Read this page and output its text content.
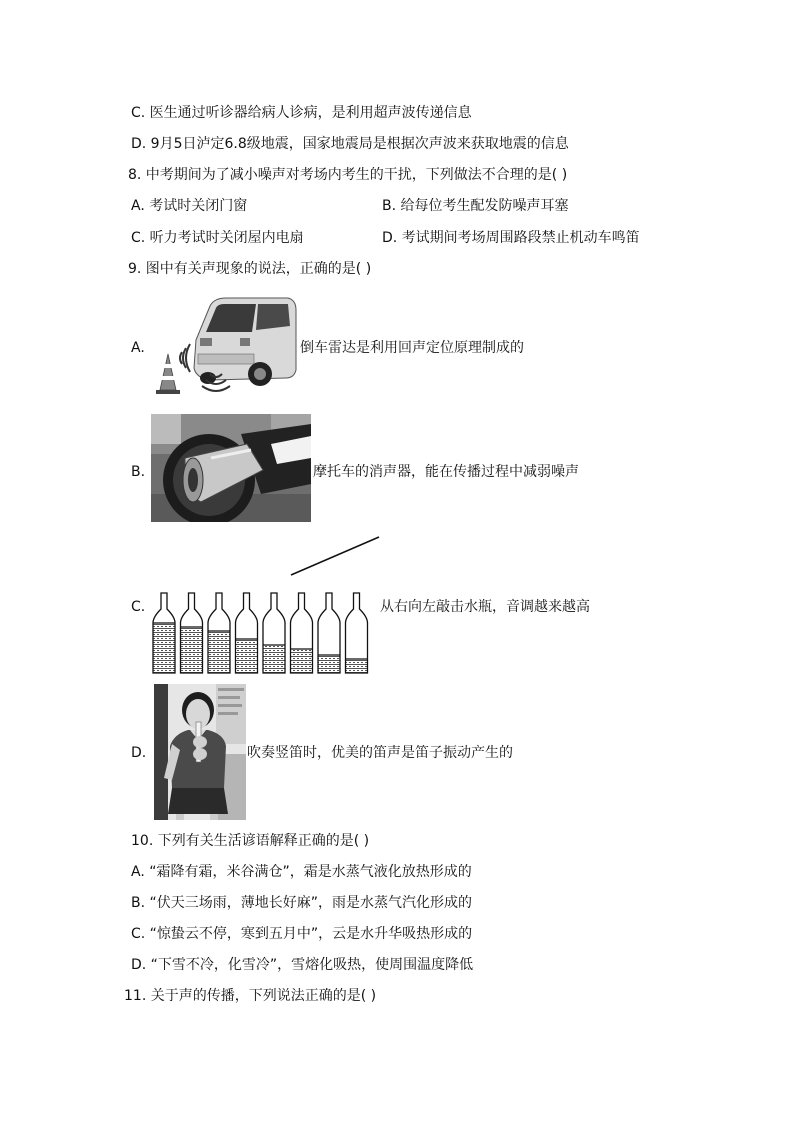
C. 医生通过听诊器给病人诊病，是利用超声波传递信息
D. 9月5日泸定6.8级地震，国家地震局是根据次声波来获取地震的信息
8. 中考期间为了减小噪声对考场内考生的干扰，下列做法不合理的是( )
A. 考试时关闭门窗	B. 给每位考生配发防噪声耳塞
C. 听力考试时关闭屋内电扇	D. 考试期间考场周围路段禁止机动车鸣笛
9. 图中有关声现象的说法，正确的是( )
A.	倒车雷达是利用回声定位原理制成的
B.	摩托车的消声器，能在传播过程中减弱噪声
C.	从右向左敲击水瓶，音调越来越高
D.	吹奏竖笛时，优美的笛声是笛子振动产生的
10. 下列有关生活谚语解释正确的是( )
A. “霜降有霜，米谷满仓”，霜是水蒸气液化放热形成的
B. “伏天三场雨，薄地长好麻”，雨是水蒸气汽化形成的
C. “惊蛰云不停，寒到五月中”，云是水升华吸热形成的
D. “下雪不冷，化雪冷”，雪熔化吸热，使周围温度降低
11. 关于声的传播，下列说法正确的是( )
